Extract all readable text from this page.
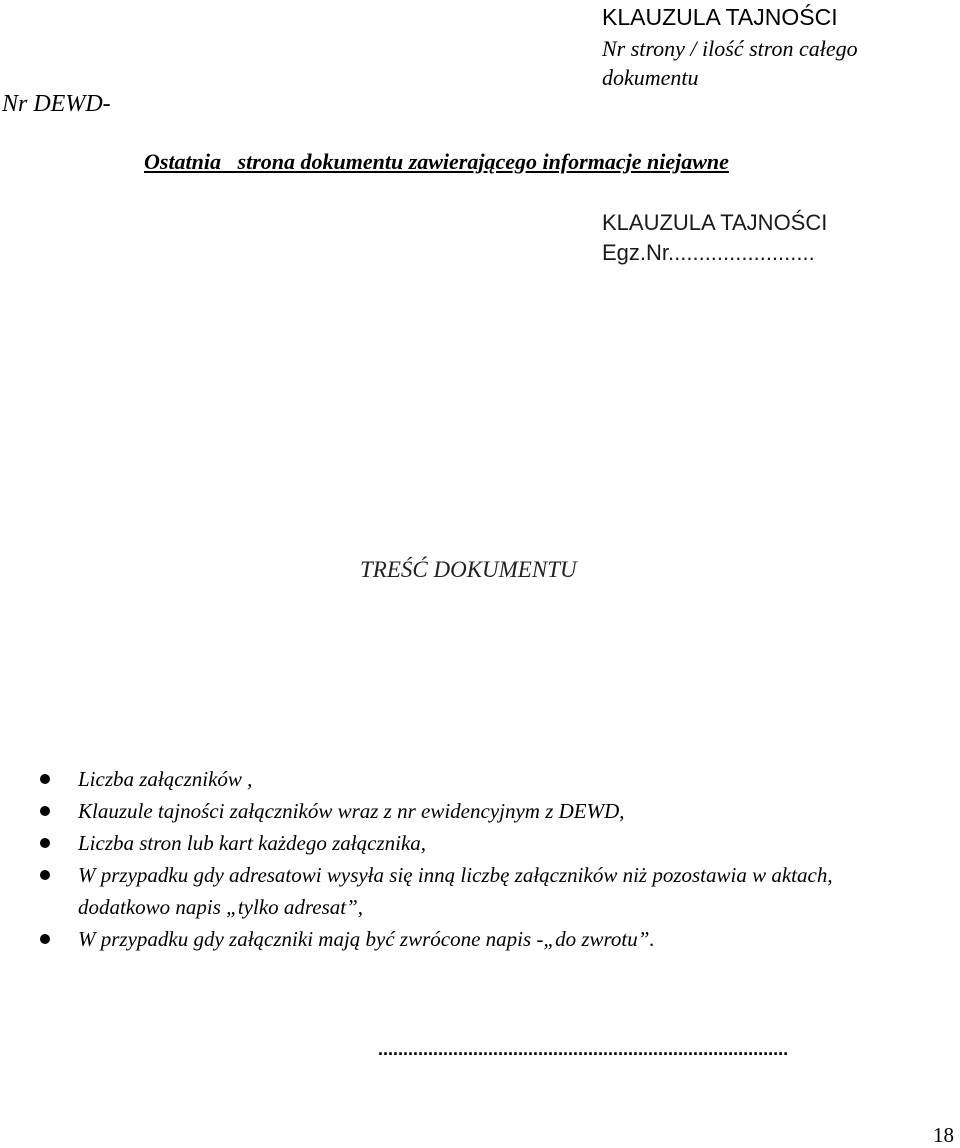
KLAUZULA TAJNOŚCI
Nr strony / ilość stron całego dokumentu
Nr DEWD-
Ostatnia   strona dokumentu zawierającego informacje niejawne
KLAUZULA TAJNOŚCI
Egz.Nr........................
TREŚĆ DOKUMENTU
Liczba załączników ,
Klauzule tajności załączników wraz z nr ewidencyjnym z DEWD,
Liczba stron lub kart każdego załącznika,
W przypadku gdy adresatowi wysyła się inną liczbę załączników niż pozostawia w aktach, dodatkowo napis „tylko adresat”,
W przypadku gdy załączniki mają być zwrócone napis -„do zwrotu”.
..................................................................................
18
